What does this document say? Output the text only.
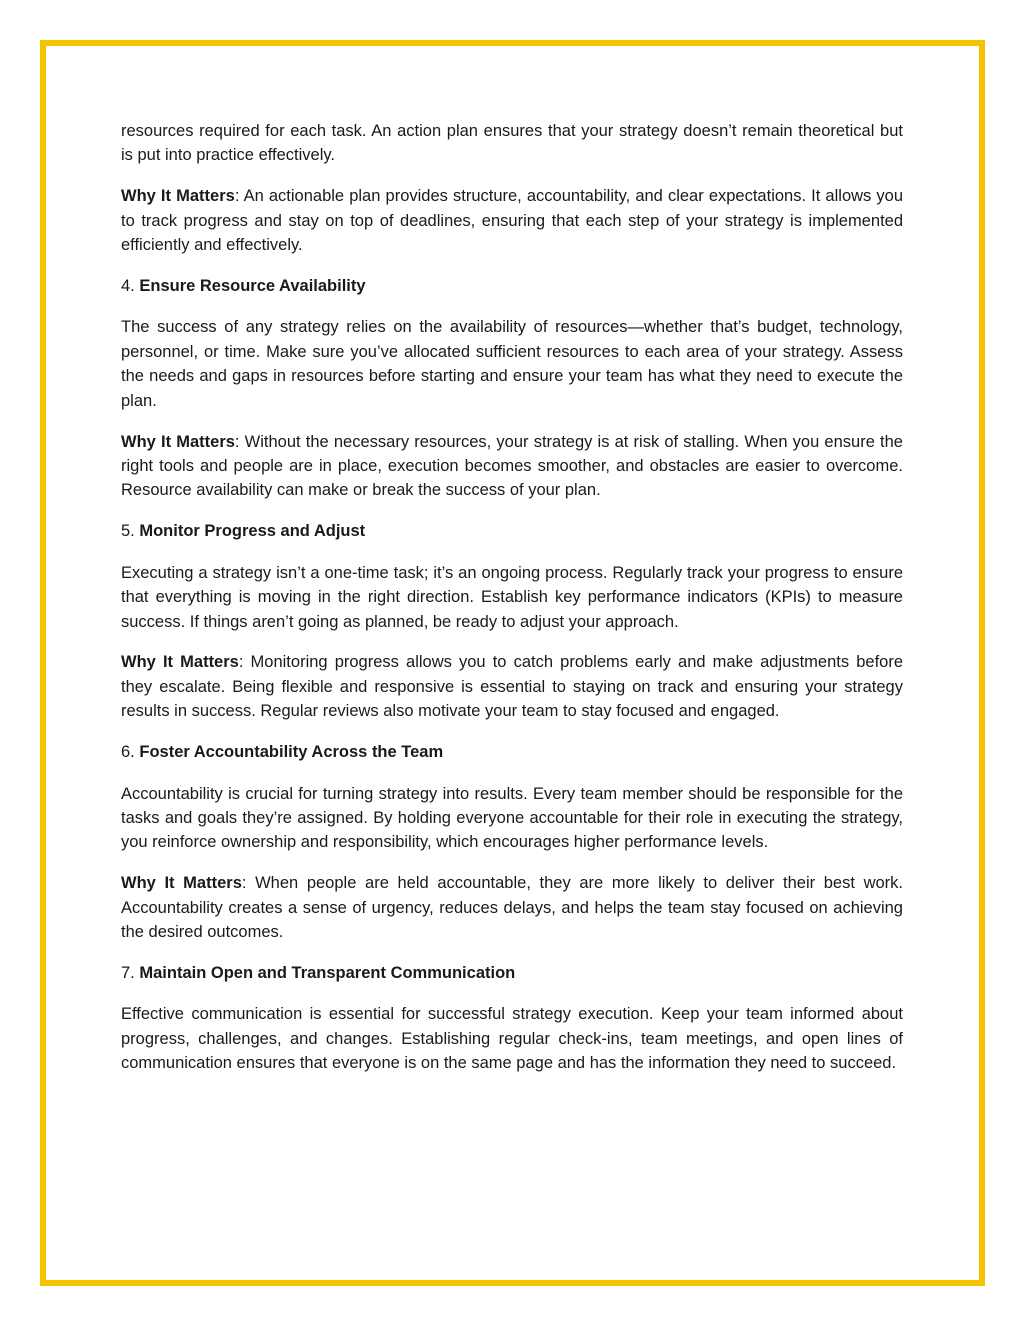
resources required for each task. An action plan ensures that your strategy doesn’t remain theoretical but is put into practice effectively.

Why It Matters: An actionable plan provides structure, accountability, and clear expectations. It allows you to track progress and stay on top of deadlines, ensuring that each step of your strategy is implemented efficiently and effectively.

4. Ensure Resource Availability

The success of any strategy relies on the availability of resources—whether that’s budget, technology, personnel, or time. Make sure you’ve allocated sufficient resources to each area of your strategy. Assess the needs and gaps in resources before starting and ensure your team has what they need to execute the plan.

Why It Matters: Without the necessary resources, your strategy is at risk of stalling. When you ensure the right tools and people are in place, execution becomes smoother, and obstacles are easier to overcome. Resource availability can make or break the success of your plan.

5. Monitor Progress and Adjust

Executing a strategy isn’t a one-time task; it’s an ongoing process. Regularly track your progress to ensure that everything is moving in the right direction. Establish key performance indicators (KPIs) to measure success. If things aren’t going as planned, be ready to adjust your approach.

Why It Matters: Monitoring progress allows you to catch problems early and make adjustments before they escalate. Being flexible and responsive is essential to staying on track and ensuring your strategy results in success. Regular reviews also motivate your team to stay focused and engaged.

6. Foster Accountability Across the Team

Accountability is crucial for turning strategy into results. Every team member should be responsible for the tasks and goals they’re assigned. By holding everyone accountable for their role in executing the strategy, you reinforce ownership and responsibility, which encourages higher performance levels.

Why It Matters: When people are held accountable, they are more likely to deliver their best work. Accountability creates a sense of urgency, reduces delays, and helps the team stay focused on achieving the desired outcomes.

7. Maintain Open and Transparent Communication

Effective communication is essential for successful strategy execution. Keep your team informed about progress, challenges, and changes. Establishing regular check-ins, team meetings, and open lines of communication ensures that everyone is on the same page and has the information they need to succeed.
